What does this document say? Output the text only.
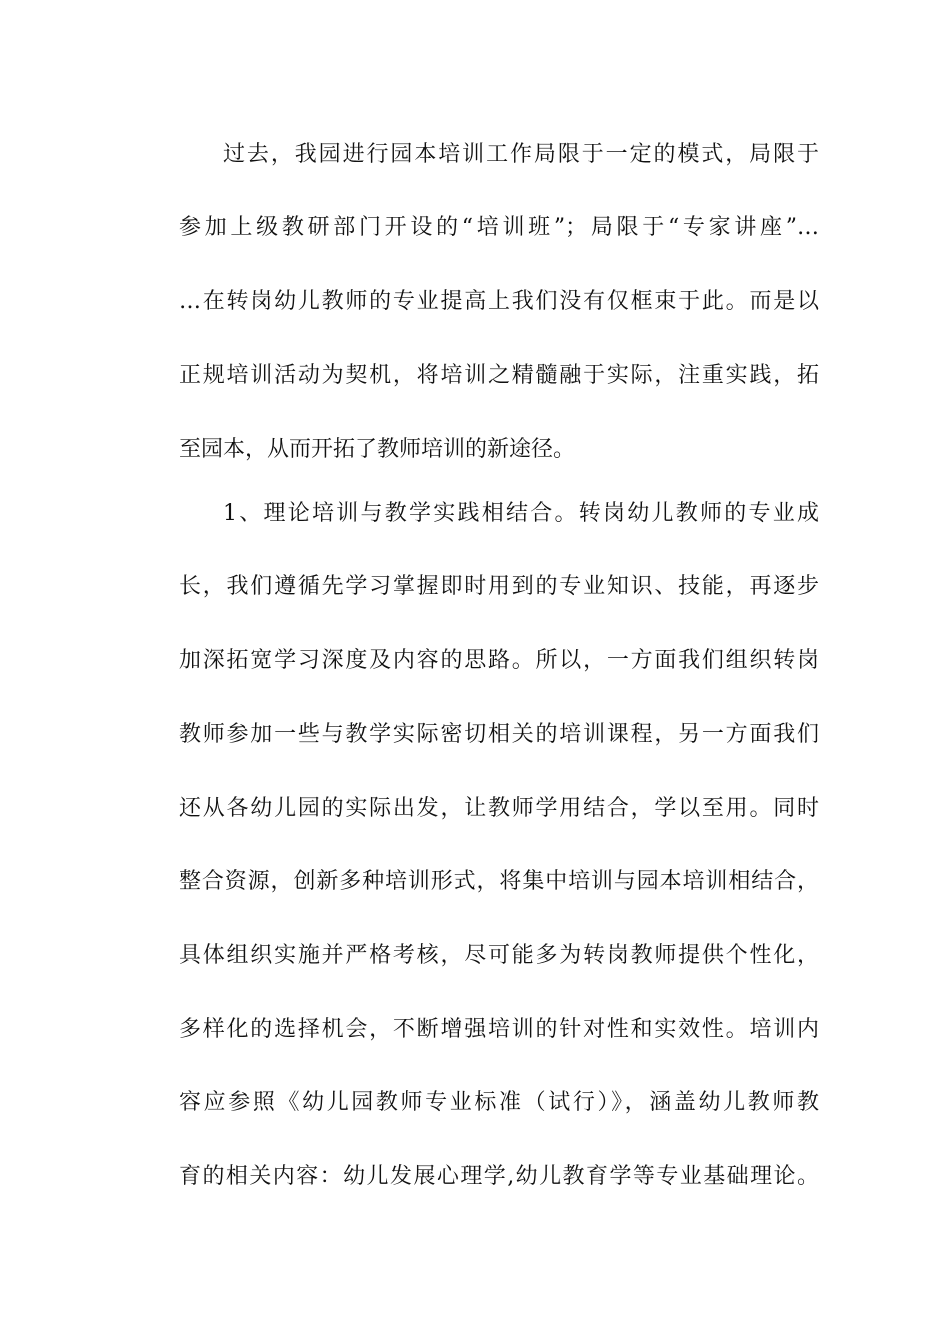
过去，我园进行园本培训工作局限于一定的模式，局限于
参加上级教研部门开设的“培训班”；局限于“专家讲座”…
…在转岗幼儿教师的专业提高上我们没有仅框束于此。而是以
正规培训活动为契机，将培训之精髓融于实际，注重实践，拓
至园本，从而开拓了教师培训的新途径。
1、理论培训与教学实践相结合。转岗幼儿教师的专业成
长，我们遵循先学习掌握即时用到的专业知识、技能，再逐步
加深拓宽学习深度及内容的思路。所以，一方面我们组织转岗
教师参加一些与教学实际密切相关的培训课程，另一方面我们
还从各幼儿园的实际出发，让教师学用结合，学以至用。同时
整合资源，创新多种培训形式，将集中培训与园本培训相结合，
具体组织实施并严格考核，尽可能多为转岗教师提供个性化，
多样化的选择机会，不断增强培训的针对性和实效性。培训内
容应参照《幼儿园教师专业标准（试行）》，涵盖幼儿教师教
育的相关内容：幼儿发展心理学,幼儿教育学等专业基础理论。
